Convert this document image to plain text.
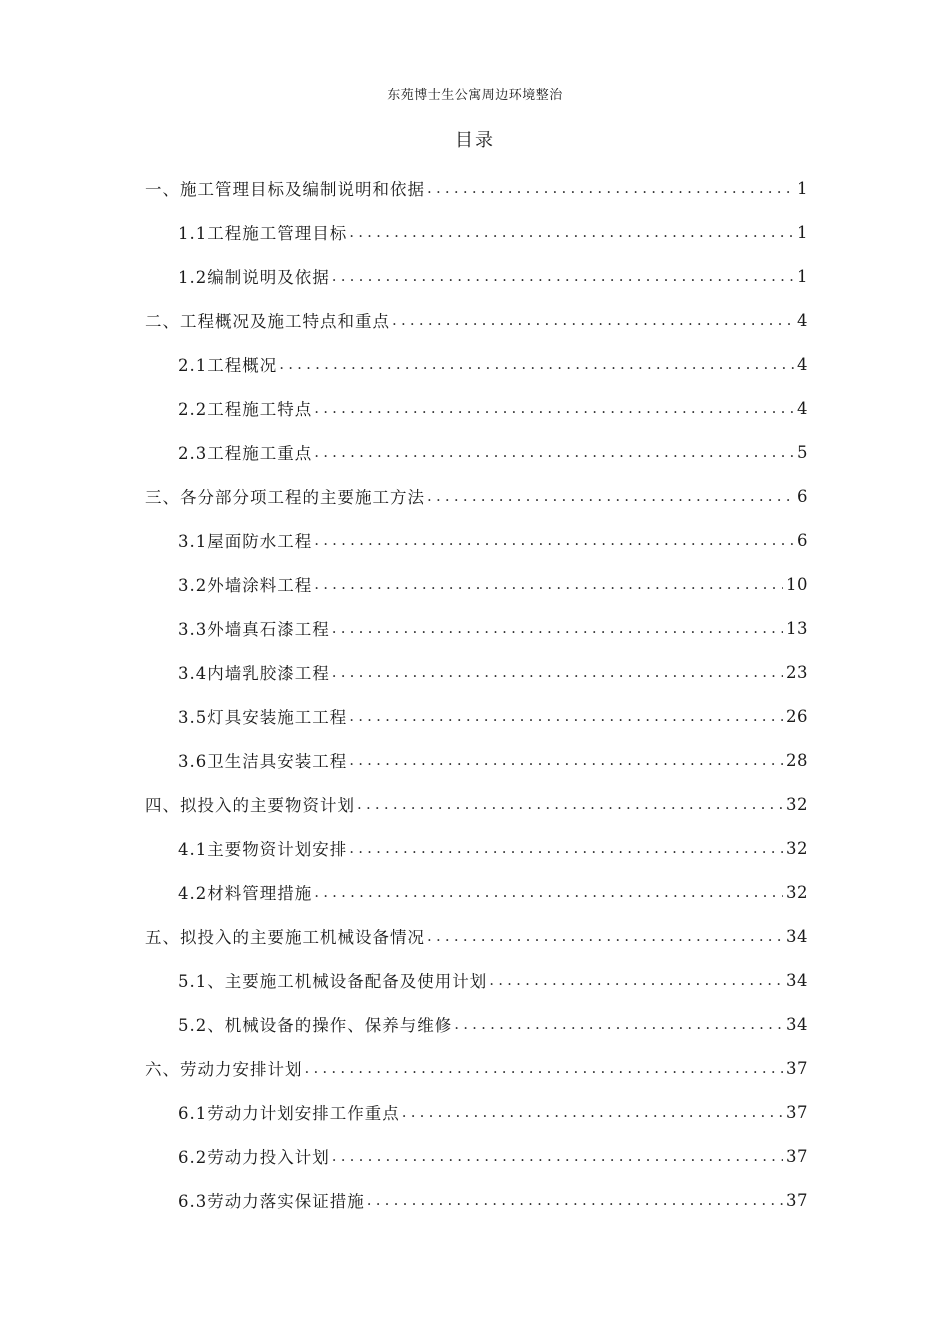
东苑博士生公寓周边环境整治
目录
一、施工管理目标及编制说明和依据 .....	1
1.1工程施工管理目标 .....	1
1.2编制说明及依据 .....	1
二、工程概况及施工特点和重点 .....	4
2.1工程概况 .....	4
2.2工程施工特点 .....	4
2.3工程施工重点 .....	5
三、各分部分项工程的主要施工方法 .....	6
3.1屋面防水工程 .....	6
3.2外墙涂料工程 .....	10
3.3外墙真石漆工程 .....	13
3.4内墙乳胶漆工程 .....	23
3.5灯具安装施工工程 .....	26
3.6卫生洁具安装工程 .....	28
四、拟投入的主要物资计划 .....	32
4.1主要物资计划安排 .....	32
4.2材料管理措施 .....	32
五、拟投入的主要施工机械设备情况 .....	34
5.1、主要施工机械设备配备及使用计划 .....	34
5.2、机械设备的操作、保养与维修 .....	34
六、劳动力安排计划 .....	37
6.1劳动力计划安排工作重点 .....	37
6.2劳动力投入计划 .....	37
6.3劳动力落实保证措施 .....	37
